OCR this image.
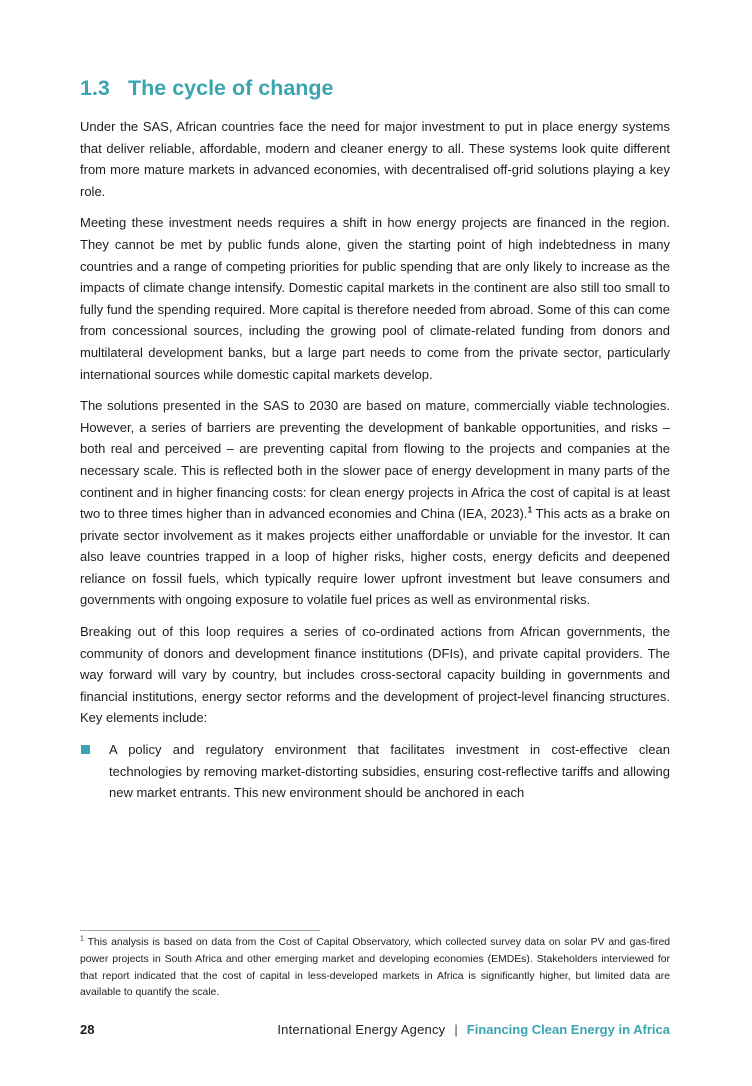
1.3 The cycle of change

Under the SAS, African countries face the need for major investment to put in place energy systems that deliver reliable, affordable, modern and cleaner energy to all. These systems look quite different from more mature markets in advanced economies, with decentralised off-grid solutions playing a key role.

Meeting these investment needs requires a shift in how energy projects are financed in the region. They cannot be met by public funds alone, given the starting point of high indebtedness in many countries and a range of competing priorities for public spending that are only likely to increase as the impacts of climate change intensify. Domestic capital markets in the continent are also still too small to fully fund the spending required. More capital is therefore needed from abroad. Some of this can come from concessional sources, including the growing pool of climate-related funding from donors and multilateral development banks, but a large part needs to come from the private sector, particularly international sources while domestic capital markets develop.

The solutions presented in the SAS to 2030 are based on mature, commercially viable technologies. However, a series of barriers are preventing the development of bankable opportunities, and risks – both real and perceived – are preventing capital from flowing to the projects and companies at the necessary scale. This is reflected both in the slower pace of energy development in many parts of the continent and in higher financing costs: for clean energy projects in Africa the cost of capital is at least two to three times higher than in advanced economies and China (IEA, 2023).$^1$ This acts as a brake on private sector involvement as it makes projects either unaffordable or unviable for the investor. It can also leave countries trapped in a loop of higher risks, higher costs, energy deficits and deepened reliance on fossil fuels, which typically require lower upfront investment but leave consumers and governments with ongoing exposure to volatile fuel prices as well as environmental risks.

Breaking out of this loop requires a series of co-ordinated actions from African governments, the community of donors and development finance institutions (DFIs), and private capital providers. The way forward will vary by country, but includes cross-sectoral capacity building in governments and financial institutions, energy sector reforms and the development of project-level financing structures. Key elements include:

A policy and regulatory environment that facilitates investment in cost-effective clean technologies by removing market-distorting subsidies, ensuring cost-reflective tariffs and allowing new market entrants. This new environment should be anchored in each

$^1$ This analysis is based on data from the Cost of Capital Observatory, which collected survey data on solar PV and gas-fired power projects in South Africa and other emerging market and developing economies (EMDEs). Stakeholders interviewed for that report indicated that the cost of capital in less-developed markets in Africa is significantly higher, but limited data are available to quantify the scale.
28	International Energy Agency | Financing Clean Energy in Africa
